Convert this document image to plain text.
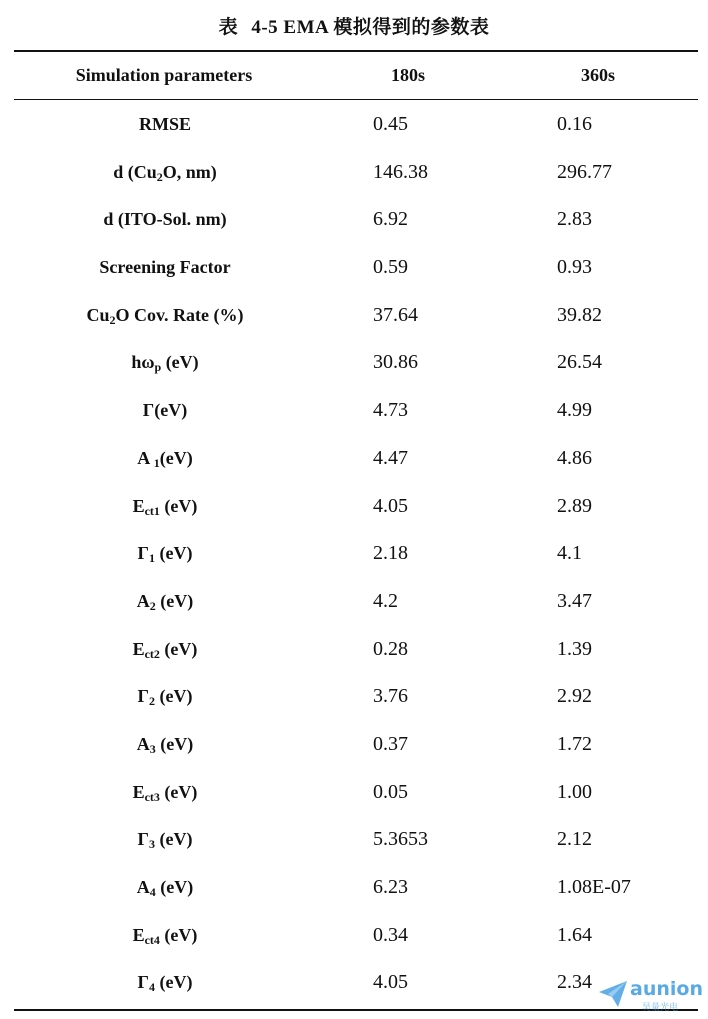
表 4-5 EMA 模拟得到的参数表
Simulation parameters	180s	360s
RMSE	0.45	0.16
d ($Cu_2O$, nm)	146.38	296.77
d (ITO-Sol. nm)	6.92	2.83
Screening Factor	0.59	0.93
$Cu_2O$ Cov. Rate (%)	37.64	39.82
$h\omega_p$ (eV)	30.86	26.54
Γ(eV)	4.73	4.99
A $_1$(eV)	4.47	4.86
$E_{ct1}$ (eV)	4.05	2.89
$\Gamma_1$ (eV)	2.18	4.1
$A_2$ (eV)	4.2	3.47
$E_{ct2}$ (eV)	0.28	1.39
$\Gamma_2$ (eV)	3.76	2.92
$A_3$ (eV)	0.37	1.72
$E_{ct3}$ (eV)	0.05	1.00
$\Gamma_3$ (eV)	5.3653	2.12
$A_4$ (eV)	6.23	1.08E-07
$E_{ct4}$ (eV)	0.34	1.64
$\Gamma_4$ (eV)	4.05	2.34 aunion
昊量光电
